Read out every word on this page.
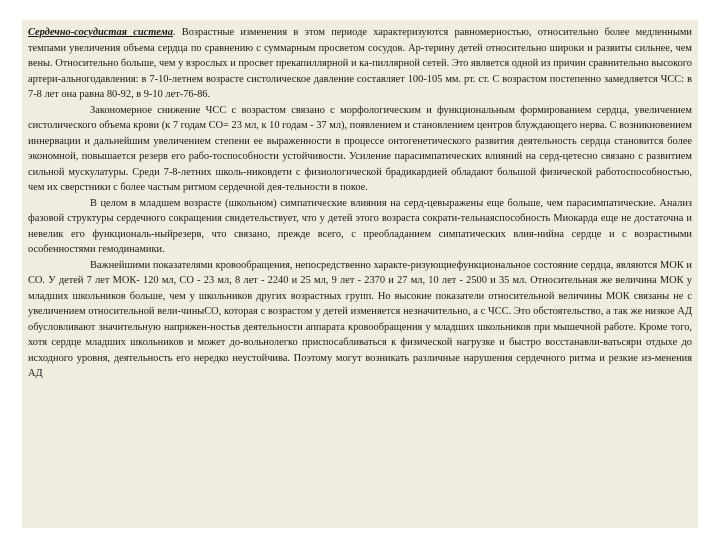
Сердечно-сосудистая система. Возрастные изменения в этом периоде характеризуются равномерностью, относительно более медленными темпами увеличения объема сердца по сравнению с суммарным просветом сосудов. Ар-терину детей относительно широки и развиты сильнее, чем вены. Относительно больше, чем у взрослых и просвет прекапиллярной и ка-пиллярной сетей. Это является одной из причин сравнительно высокого артери-альногодавления: в 7-10-летнем возрасте систолическое давление составляет 100-105 мм. рт. ст. С возрастом постепенно замедляется ЧСС: в 7-8 лет она равна 80-92, в 9-10 лет-76-86.

Закономерное снижение ЧСС с возрастом связано с морфологическим и функциональным формированием сердца, увеличением систолического объема крови (к 7 годам СО= 23 мл, к 10 годам - 37 мл), появлением и становлением центров блуждающего нерва. С возникновением иннервации и дальнейшим увеличением степени ее выраженности в процессе онтогенетического развития деятельность сердца становится более экономной, повышается резерв его рабо-тоспособности устойчивости. Усиление парасимпатических влияний на серд-цетесно связано с развитием сильной мускулатуры. Среди 7-8-летних школь-никовдети с физиологической брадикардией обладают большой физической работоспособностью, чем их сверстники с более частым ритмом сердечной дея-тельности в покое.

В целом в младшем возрасте (школьном) симпатические влияния на серд-цевыражены еще больше, чем парасимпатические. Анализ фазовой структуры сердечного сокращения свидетельствует, что у детей этого возраста сократи-тельнаяспособность Миокарда еще не достаточна и невелик его функциональ-ныйрезерв, что связано, прежде всего, с преобладанием симпатических влия-нийна сердце и с возрастными особенностями гемодинамики.

Важнейшими показателями кровообращения, непосредственно характе-ризующиефункциональное состояние сердца, являются МОК и СО. У детей 7 лет МОК- 120 мл, СО - 23 мл, 8 лет - 2240 и 25 мл, 9 лет - 2370 и 27 мл, 10 лет - 2500 и 35 мл. Относительная же величина МОК у младших школьников больше, чем у школьников других возрастных групп. Но высокие показатели относительной величины МОК связаны не с увеличением относительной вели-чиныСО, которая с возрастом у детей изменяется незначительно, а с ЧСС. Это обстоятельство, а так же низкое АД обусловливают значительную напряжен-ностьв деятельности аппарата кровообращения у младших школьников при мышечной работе. Кроме того, хотя сердце младших школьников и может до-вольнолегко приспосабливаться к физической нагрузке и быстро восстанавли-ватьсяри отдыхе до исходного уровня, деятельность его нередко неустойчива. Поэтому могут возникать различные нарушения сердечного ритма и резкие из-менения АД
